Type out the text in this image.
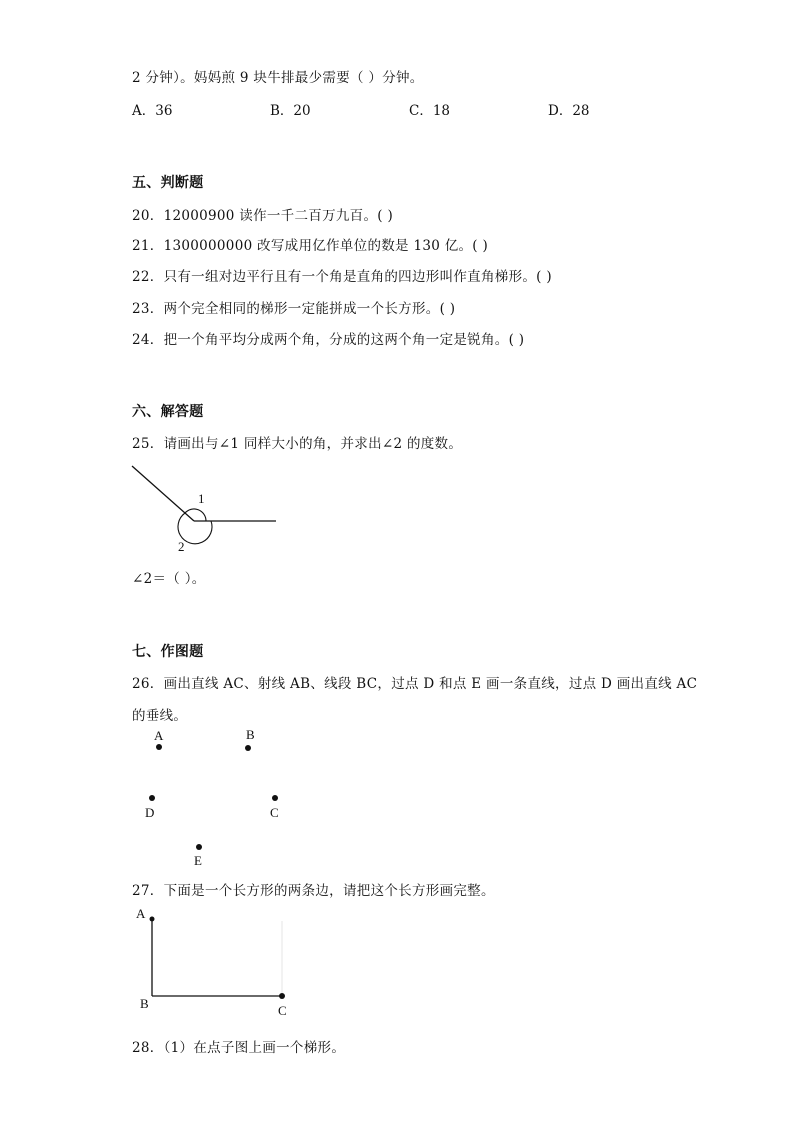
2 分钟）。妈妈煎 9 块牛排最少需要（ ）分钟。
A．36	B．20	C．18	D．28
五、判断题
20．12000900 读作一千二百万九百。( )
21．1300000000 改写成用亿作单位的数是 130 亿。( )
22．只有一组对边平行且有一个角是直角的四边形叫作直角梯形。( )
23．两个完全相同的梯形一定能拼成一个长方形。( )
24．把一个角平均分成两个角，分成的这两个角一定是锐角。( )
六、解答题
25．请画出与∠1 同样大小的角，并求出∠2 的度数。
1
2
∠2＝（ ）。
七、作图题
26．画出直线 AC、射线 AB、线段 BC，过点 D 和点 E 画一条直线，过点 D 画出直线 AC
的垂线。
A	B
D	C
E
27．下面是一个长方形的两条边，请把这个长方形画完整。
A
B	C
28．（1）在点子图上画一个梯形。
